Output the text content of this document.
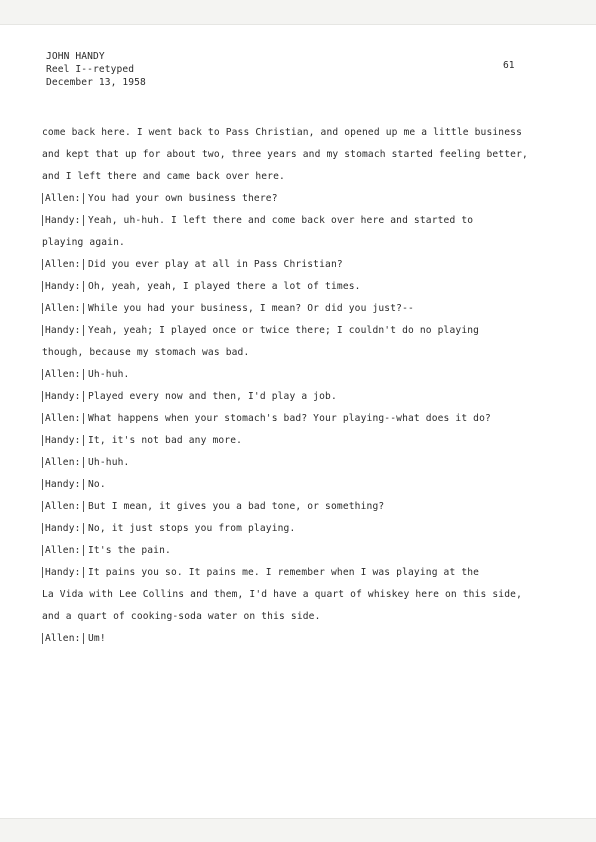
JOHN HANDY
Reel I--retyped
December 13, 1958
61
come back here. I went back to Pass Christian, and opened up me a little business
and kept that up for about two, three years and my stomach started feeling better,
and I left there and came back over here.
Allen: You had your own business there?
Handy: Yeah, uh-huh. I left there and come back over here and started to
playing again.
Allen: Did you ever play at all in Pass Christian?
Handy: Oh, yeah, yeah, I played there a lot of times.
Allen: While you had your business, I mean? Or did you just?--
Handy: Yeah, yeah; I played once or twice there; I couldn't do no playing
though, because my stomach was bad.
Allen: Uh-huh.
Handy: Played every now and then, I'd play a job.
Allen: What happens when your stomach's bad? Your playing--what does it do?
Handy: It, it's not bad any more.
Allen: Uh-huh.
Handy: No.
Allen: But I mean, it gives you a bad tone, or something?
Handy: No, it just stops you from playing.
Allen: It's the pain.
Handy: It pains you so. It pains me. I remember when I was playing at the
La Vida with Lee Collins and them, I'd have a quart of whiskey here on this side,
and a quart of cooking-soda water on this side.
Allen: Um!
